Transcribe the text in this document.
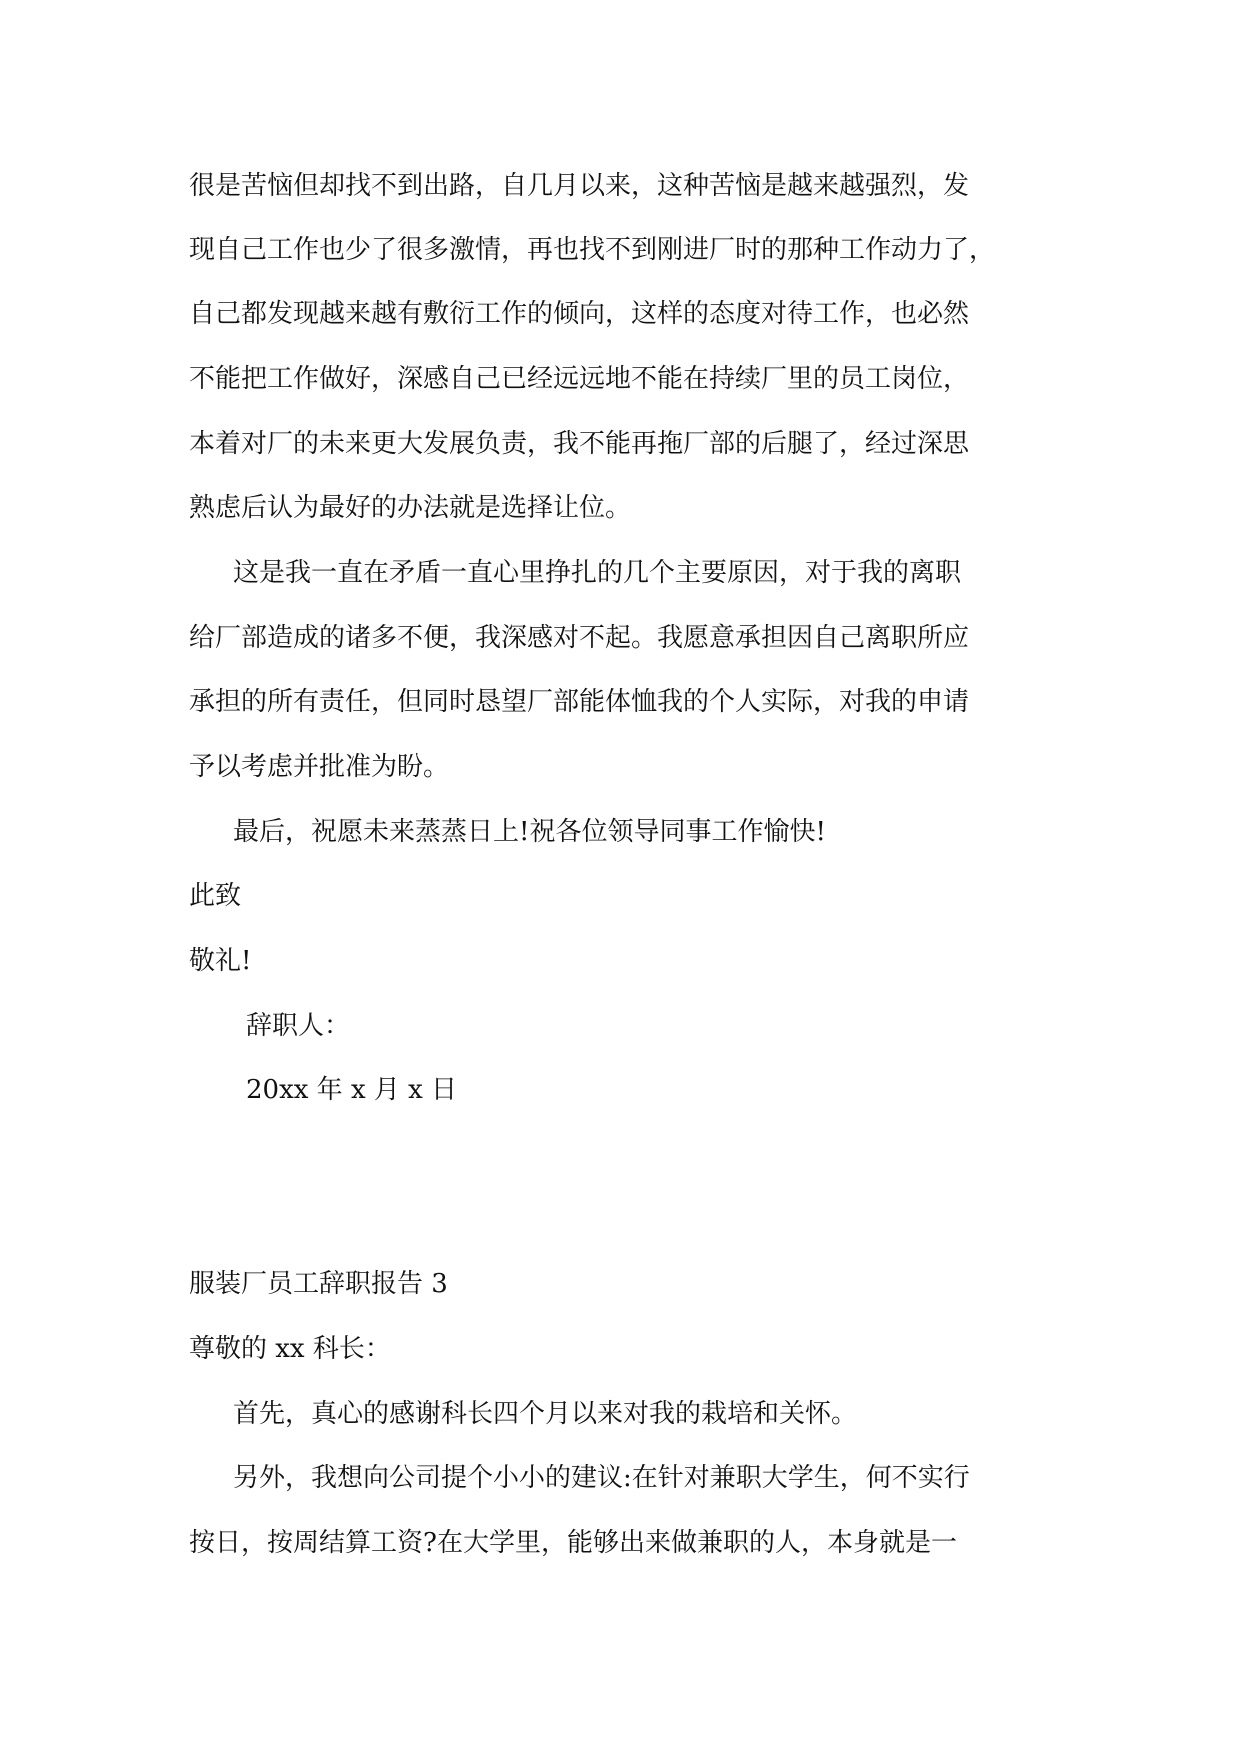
很是苦恼但却找不到出路，自几月以来，这种苦恼是越来越强烈，发
现自己工作也少了很多激情，再也找不到刚进厂时的那种工作动力了，
自己都发现越来越有敷衍工作的倾向，这样的态度对待工作，也必然
不能把工作做好，深感自己已经远远地不能在持续厂里的员工岗位，
本着对厂的未来更大发展负责，我不能再拖厂部的后腿了，经过深思
熟虑后认为最好的办法就是选择让位。
这是我一直在矛盾一直心里挣扎的几个主要原因，对于我的离职
给厂部造成的诸多不便，我深感对不起。我愿意承担因自己离职所应
承担的所有责任，但同时恳望厂部能体恤我的个人实际，对我的申请
予以考虑并批准为盼。
最后，祝愿未来蒸蒸日上!祝各位领导同事工作愉快!
此致
敬礼!
辞职人：
20xx 年 x 月 x 日
服装厂员工辞职报告 3
尊敬的 xx 科长：
首先，真心的感谢科长四个月以来对我的栽培和关怀。
另外，我想向公司提个小小的建议:在针对兼职大学生，何不实行
按日，按周结算工资?在大学里，能够出来做兼职的人，本身就是一
